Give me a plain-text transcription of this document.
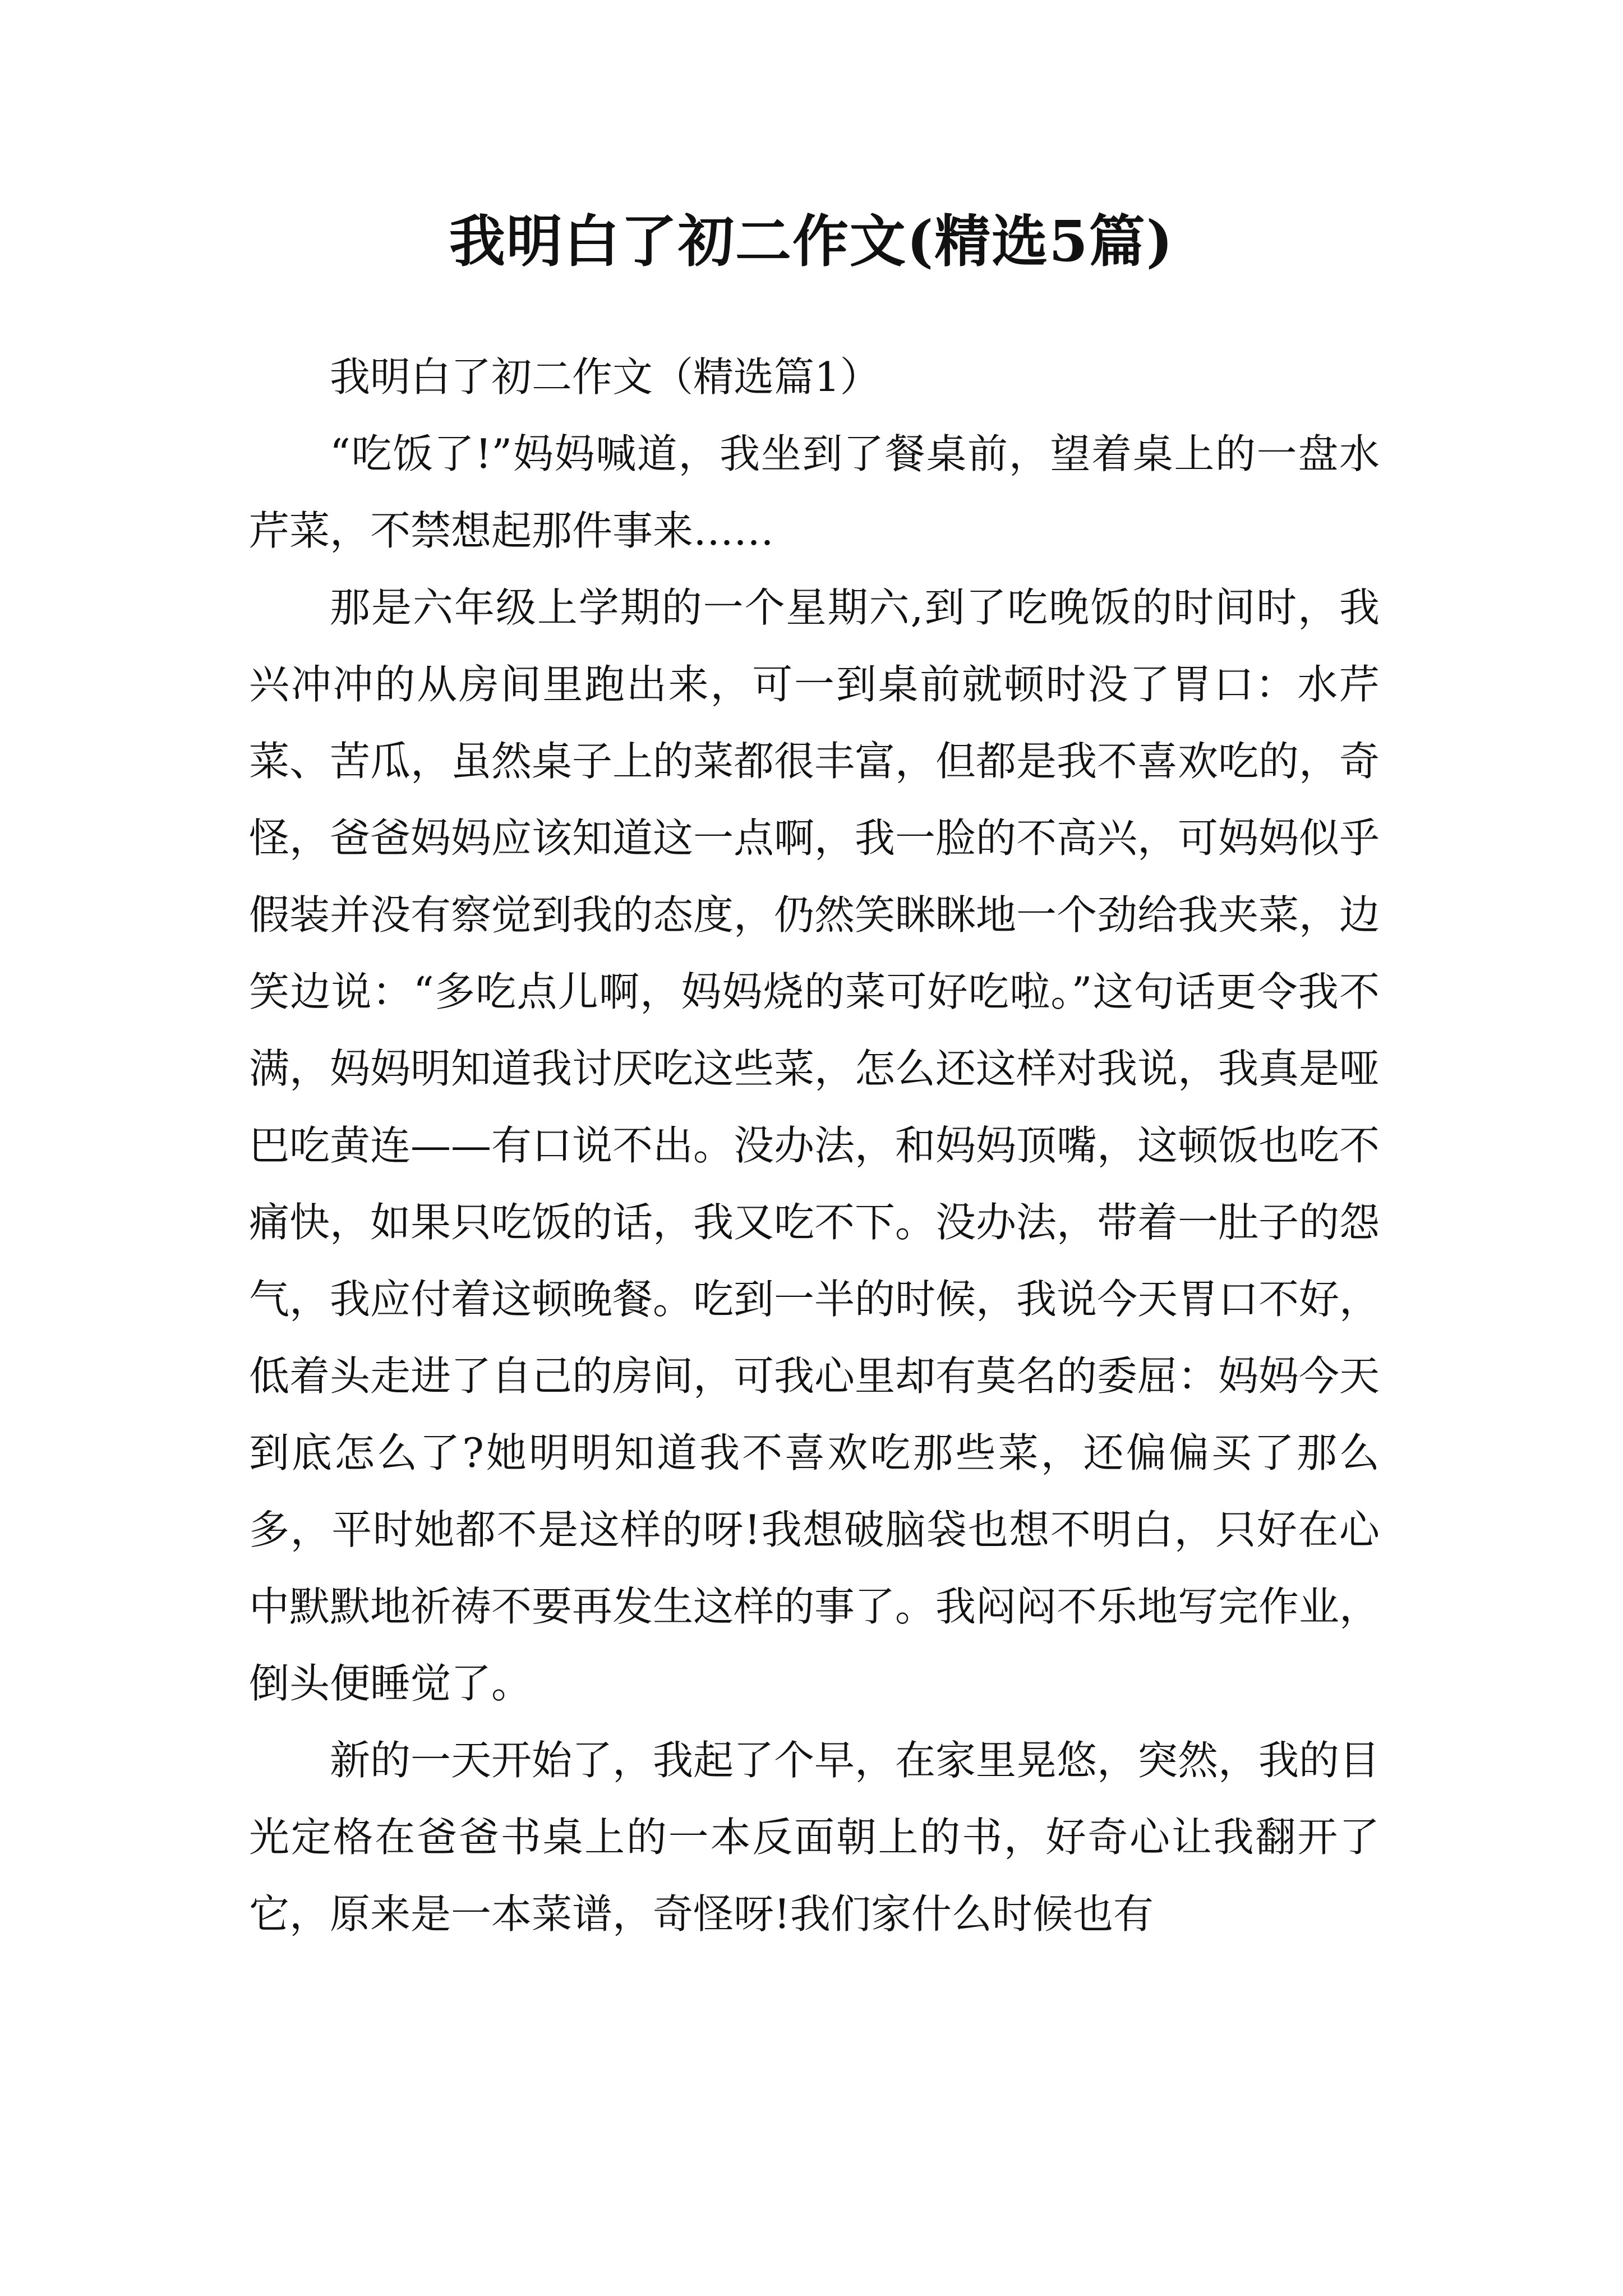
我明白了初二作文(精选5篇)

我明白了初二作文（精选篇1）

“吃饭了!”妈妈喊道，我坐到了餐桌前，望着桌上的一盘水芹菜，不禁想起那件事来……

那是六年级上学期的一个星期六,到了吃晚饭的时间时，我兴冲冲的从房间里跑出来，可一到桌前就顿时没了胃口：水芹菜、苦瓜，虽然桌子上的菜都很丰富，但都是我不喜欢吃的，奇怪，爸爸妈妈应该知道这一点啊，我一脸的不高兴，可妈妈似乎假装并没有察觉到我的态度，仍然笑眯眯地一个劲给我夹菜，边笑边说：“多吃点儿啊，妈妈烧的菜可好吃啦。”这句话更令我不满，妈妈明知道我讨厌吃这些菜，怎么还这样对我说，我真是哑巴吃黄连——有口说不出。没办法，和妈妈顶嘴，这顿饭也吃不痛快，如果只吃饭的话，我又吃不下。没办法，带着一肚子的怨气，我应付着这顿晚餐。吃到一半的时候，我说今天胃口不好，低着头走进了自己的房间，可我心里却有莫名的委屈：妈妈今天到底怎么了?她明明知道我不喜欢吃那些菜，还偏偏买了那么多，平时她都不是这样的呀!我想破脑袋也想不明白，只好在心中默默地祈祷不要再发生这样的事了。我闷闷不乐地写完作业，倒头便睡觉了。

新的一天开始了，我起了个早，在家里晃悠，突然，我的目光定格在爸爸书桌上的一本反面朝上的书，好奇心让我翻开了它，原来是一本菜谱，奇怪呀!我们家什么时候也有
